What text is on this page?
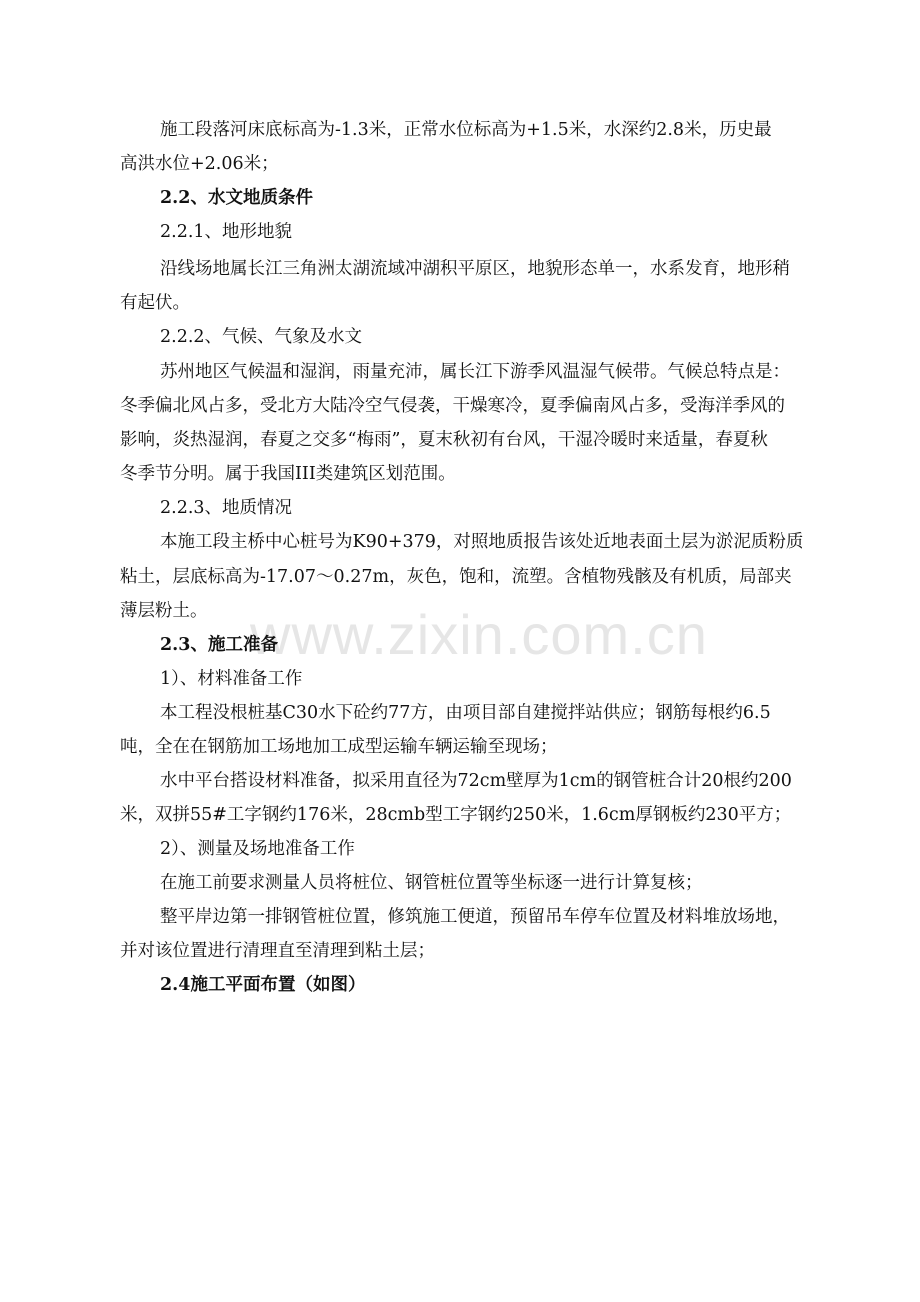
www.zixin.com.cn
施工段落河床底标高为-1.3米，正常水位标高为+1.5米，水深约2.8米，历史最
高洪水位+2.06米；
2.2、水文地质条件
2.2.1、地形地貌
沿线场地属长江三角洲太湖流域冲湖积平原区，地貌形态单一，水系发育，地形稍
有起伏。
2.2.2、气候、气象及水文
苏州地区气候温和湿润，雨量充沛，属长江下游季风温湿气候带。气候总特点是：
冬季偏北风占多，受北方大陆冷空气侵袭，干燥寒冷，夏季偏南风占多，受海洋季风的
影响，炎热湿润，春夏之交多“梅雨”，夏末秋初有台风，干湿冷暖时来适量，春夏秋
冬季节分明。属于我国III类建筑区划范围。
2.2.3、地质情况
本施工段主桥中心桩号为K90+379，对照地质报告该处近地表面土层为淤泥质粉质
粘土，层底标高为-17.07～0.27m，灰色，饱和，流塑。含植物残骸及有机质，局部夹
薄层粉土。
2.3、施工准备
1）、材料准备工作
本工程没根桩基C30水下砼约77方，由项目部自建搅拌站供应；钢筋每根约6.5
吨，全在在钢筋加工场地加工成型运输车辆运输至现场；
水中平台搭设材料准备，拟采用直径为72cm壁厚为1cm的钢管桩合计20根约200
米，双拼55#工字钢约176米，28cmb型工字钢约250米，1.6cm厚钢板约230平方；
2）、测量及场地准备工作
在施工前要求测量人员将桩位、钢管桩位置等坐标逐一进行计算复核；
整平岸边第一排钢管桩位置，修筑施工便道，预留吊车停车位置及材料堆放场地，
并对该位置进行清理直至清理到粘土层；
2.4施工平面布置（如图）
